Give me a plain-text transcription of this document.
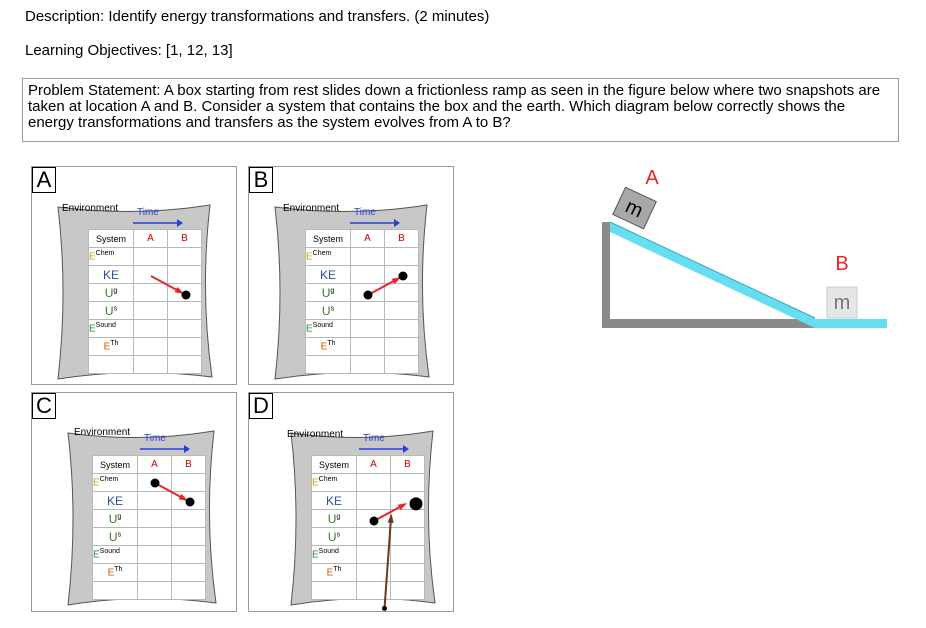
Description: Identify energy transformations and transfers. (2 minutes)
Learning Objectives: [1, 12, 13]
Problem Statement: A box starting from rest slides down a frictionless ramp as seen in the figure below where two snapshots are taken at location A and B. Consider a system that contains the box and the earth. Which diagram below correctly shows the energy transformations and transfers as the system evolves from A to B?
A
Environment Time
System	A	B
$E^{Chem}$		
KE		
$U^g$		
$U^s$		
$E^{Sound}$		
$E^{Th}$		

B
Environment Time
System	A	B
$E^{Chem}$		
KE		
$U^g$		
$U^s$		
$E^{Sound}$		
$E^{Th}$		

C
Environment
Time
System	A	B
$E^{Chem}$		
KE		
$U^g$		
$U^s$		
$E^{Sound}$		
$E^{Th}$		

D
Environment Time
System	A	B
$E^{Chem}$		
KE		
$U^g$		
$U^s$		
$E^{Sound}$		
$E^{Th}$		

m
A
m
B
